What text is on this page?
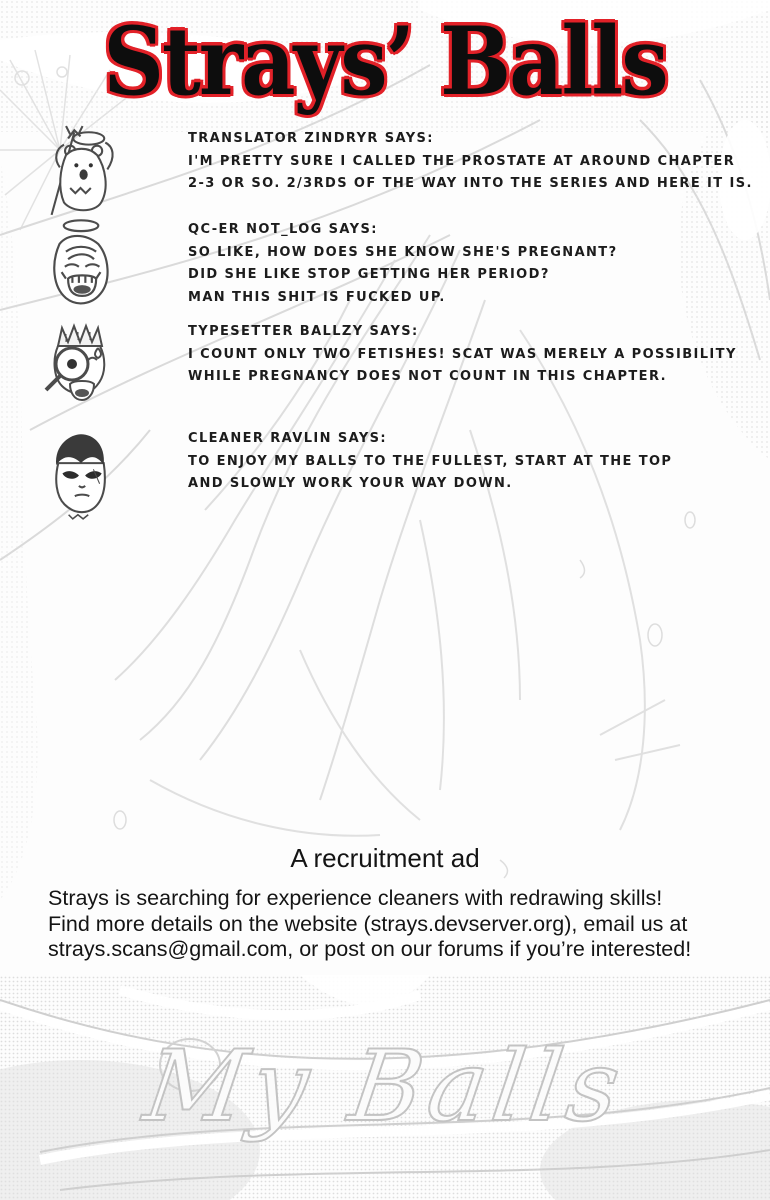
Strays’ Balls
TRANSLATOR ZINDRYR SAYS:
I'M PRETTY SURE I CALLED THE PROSTATE AT AROUND CHAPTER
2-3 OR SO. 2/3RDS OF THE WAY INTO THE SERIES AND HERE IT IS.
QC-ER NOT_LOG SAYS:
SO LIKE, HOW DOES SHE KNOW SHE'S PREGNANT?
DID SHE LIKE STOP GETTING HER PERIOD?
MAN THIS SHIT IS FUCKED UP.
TYPESETTER BALLZY SAYS:
I COUNT ONLY TWO FETISHES! SCAT WAS MERELY A POSSIBILITY
WHILE PREGNANCY DOES NOT COUNT IN THIS CHAPTER.
CLEANER RAVLIN SAYS:
TO ENJOY MY BALLS TO THE FULLEST, START AT THE TOP
AND SLOWLY WORK YOUR WAY DOWN.
A recruitment ad
Strays is searching for experience cleaners with redrawing skills!
Find more details on the website (strays.devserver.org), email us at
strays.scans@gmail.com, or post on our forums if you’re interested!
My Balls
